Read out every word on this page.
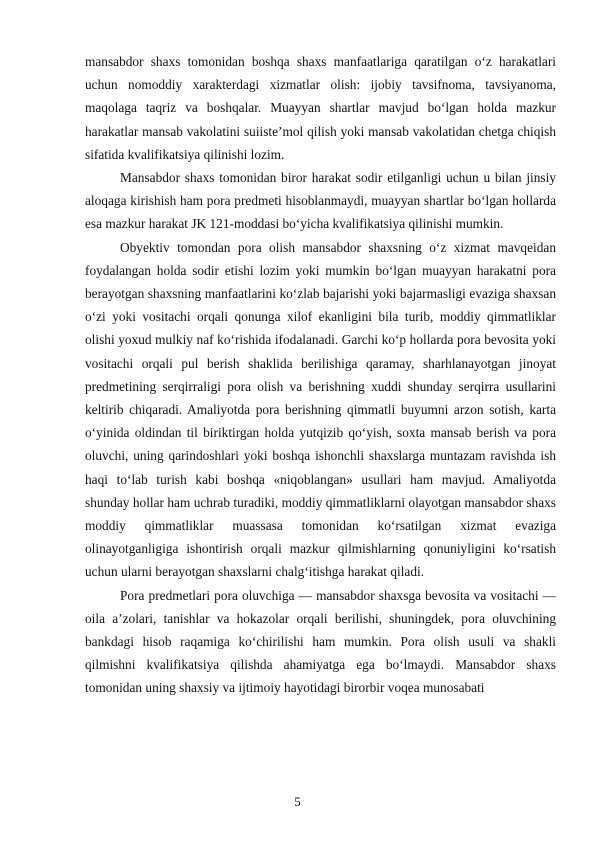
mansabdor shaxs tomonidan boshqa shaxs manfaatlariga qaratilgan o‘z harakatlari uchun nomoddiy xarakterdagi xizmatlar olish: ijobiy tavsifnoma, tavsiyanoma, maqolaga taqriz va boshqalar. Muayyan shartlar mavjud bo‘lgan holda mazkur harakatlar mansab vakolatini suiiste’mol qilish yoki mansab vakolatidan chetga chiqish sifatida kvalifikatsiya qilinishi lozim.

Mansabdor shaxs tomonidan biror harakat sodir etilganligi uchun u bilan jinsiy aloqaga kirishish ham pora predmeti hisoblanmaydi, muayyan shartlar bo‘lgan hollarda esa mazkur harakat JK 121-moddasi bo‘yicha kvalifikatsiya qilinishi mumkin.

Obyektiv tomondan pora olish mansabdor shaxsning o‘z xizmat mavqeidan foydalangan holda sodir etishi lozim yoki mumkin bo‘lgan muayyan harakatni pora berayotgan shaxsning manfaatlarini ko‘zlab bajarishi yoki bajarmasligi evaziga shaxsan o‘zi yoki vositachi orqali qonunga xilof ekanligini bila turib, moddiy qimmatliklar olishi yoxud mulkiy naf ko‘rishida ifodalanadi. Garchi ko‘p hollarda pora bevosita yoki vositachi orqali pul berish shaklida berilishiga qaramay, sharhlanayotgan jinoyat predmetining serqirraligi pora olish va berishning xuddi shunday serqirra usullarini keltirib chiqaradi. Amaliyotda pora berishning qimmatli buyumni arzon sotish, karta o‘yinida oldindan til biriktirgan holda yutqizib qo‘yish, soxta mansab berish va pora oluvchi, uning qarindoshlari yoki boshqa ishonchli shaxslarga muntazam ravishda ish haqi to‘lab turish kabi boshqa «niqoblangan» usullari ham mavjud. Amaliyotda shunday hollar ham uchrab turadiki, moddiy qimmatliklarni olayotgan mansabdor shaxs moddiy qimmatliklar muassasa tomonidan ko‘rsatilgan xizmat evaziga olinayotganligiga ishontirish orqali mazkur qilmishlarning qonuniyligini ko‘rsatish uchun ularni berayotgan shaxslarni chalg‘itishga harakat qiladi.

Pora predmetlari pora oluvchiga — mansabdor shaxsga bevosita va vositachi — oila a’zolari, tanishlar va hokazolar orqali berilishi, shuningdek, pora oluvchining bankdagi hisob raqamiga ko‘chirilishi ham mumkin. Pora olish usuli va shakli qilmishni kvalifikatsiya qilishda ahamiyatga ega bo‘lmaydi. Mansabdor shaxs tomonidan uning shaxsiy va ijtimoiy hayotidagi birorbir voqea munosabati

5
